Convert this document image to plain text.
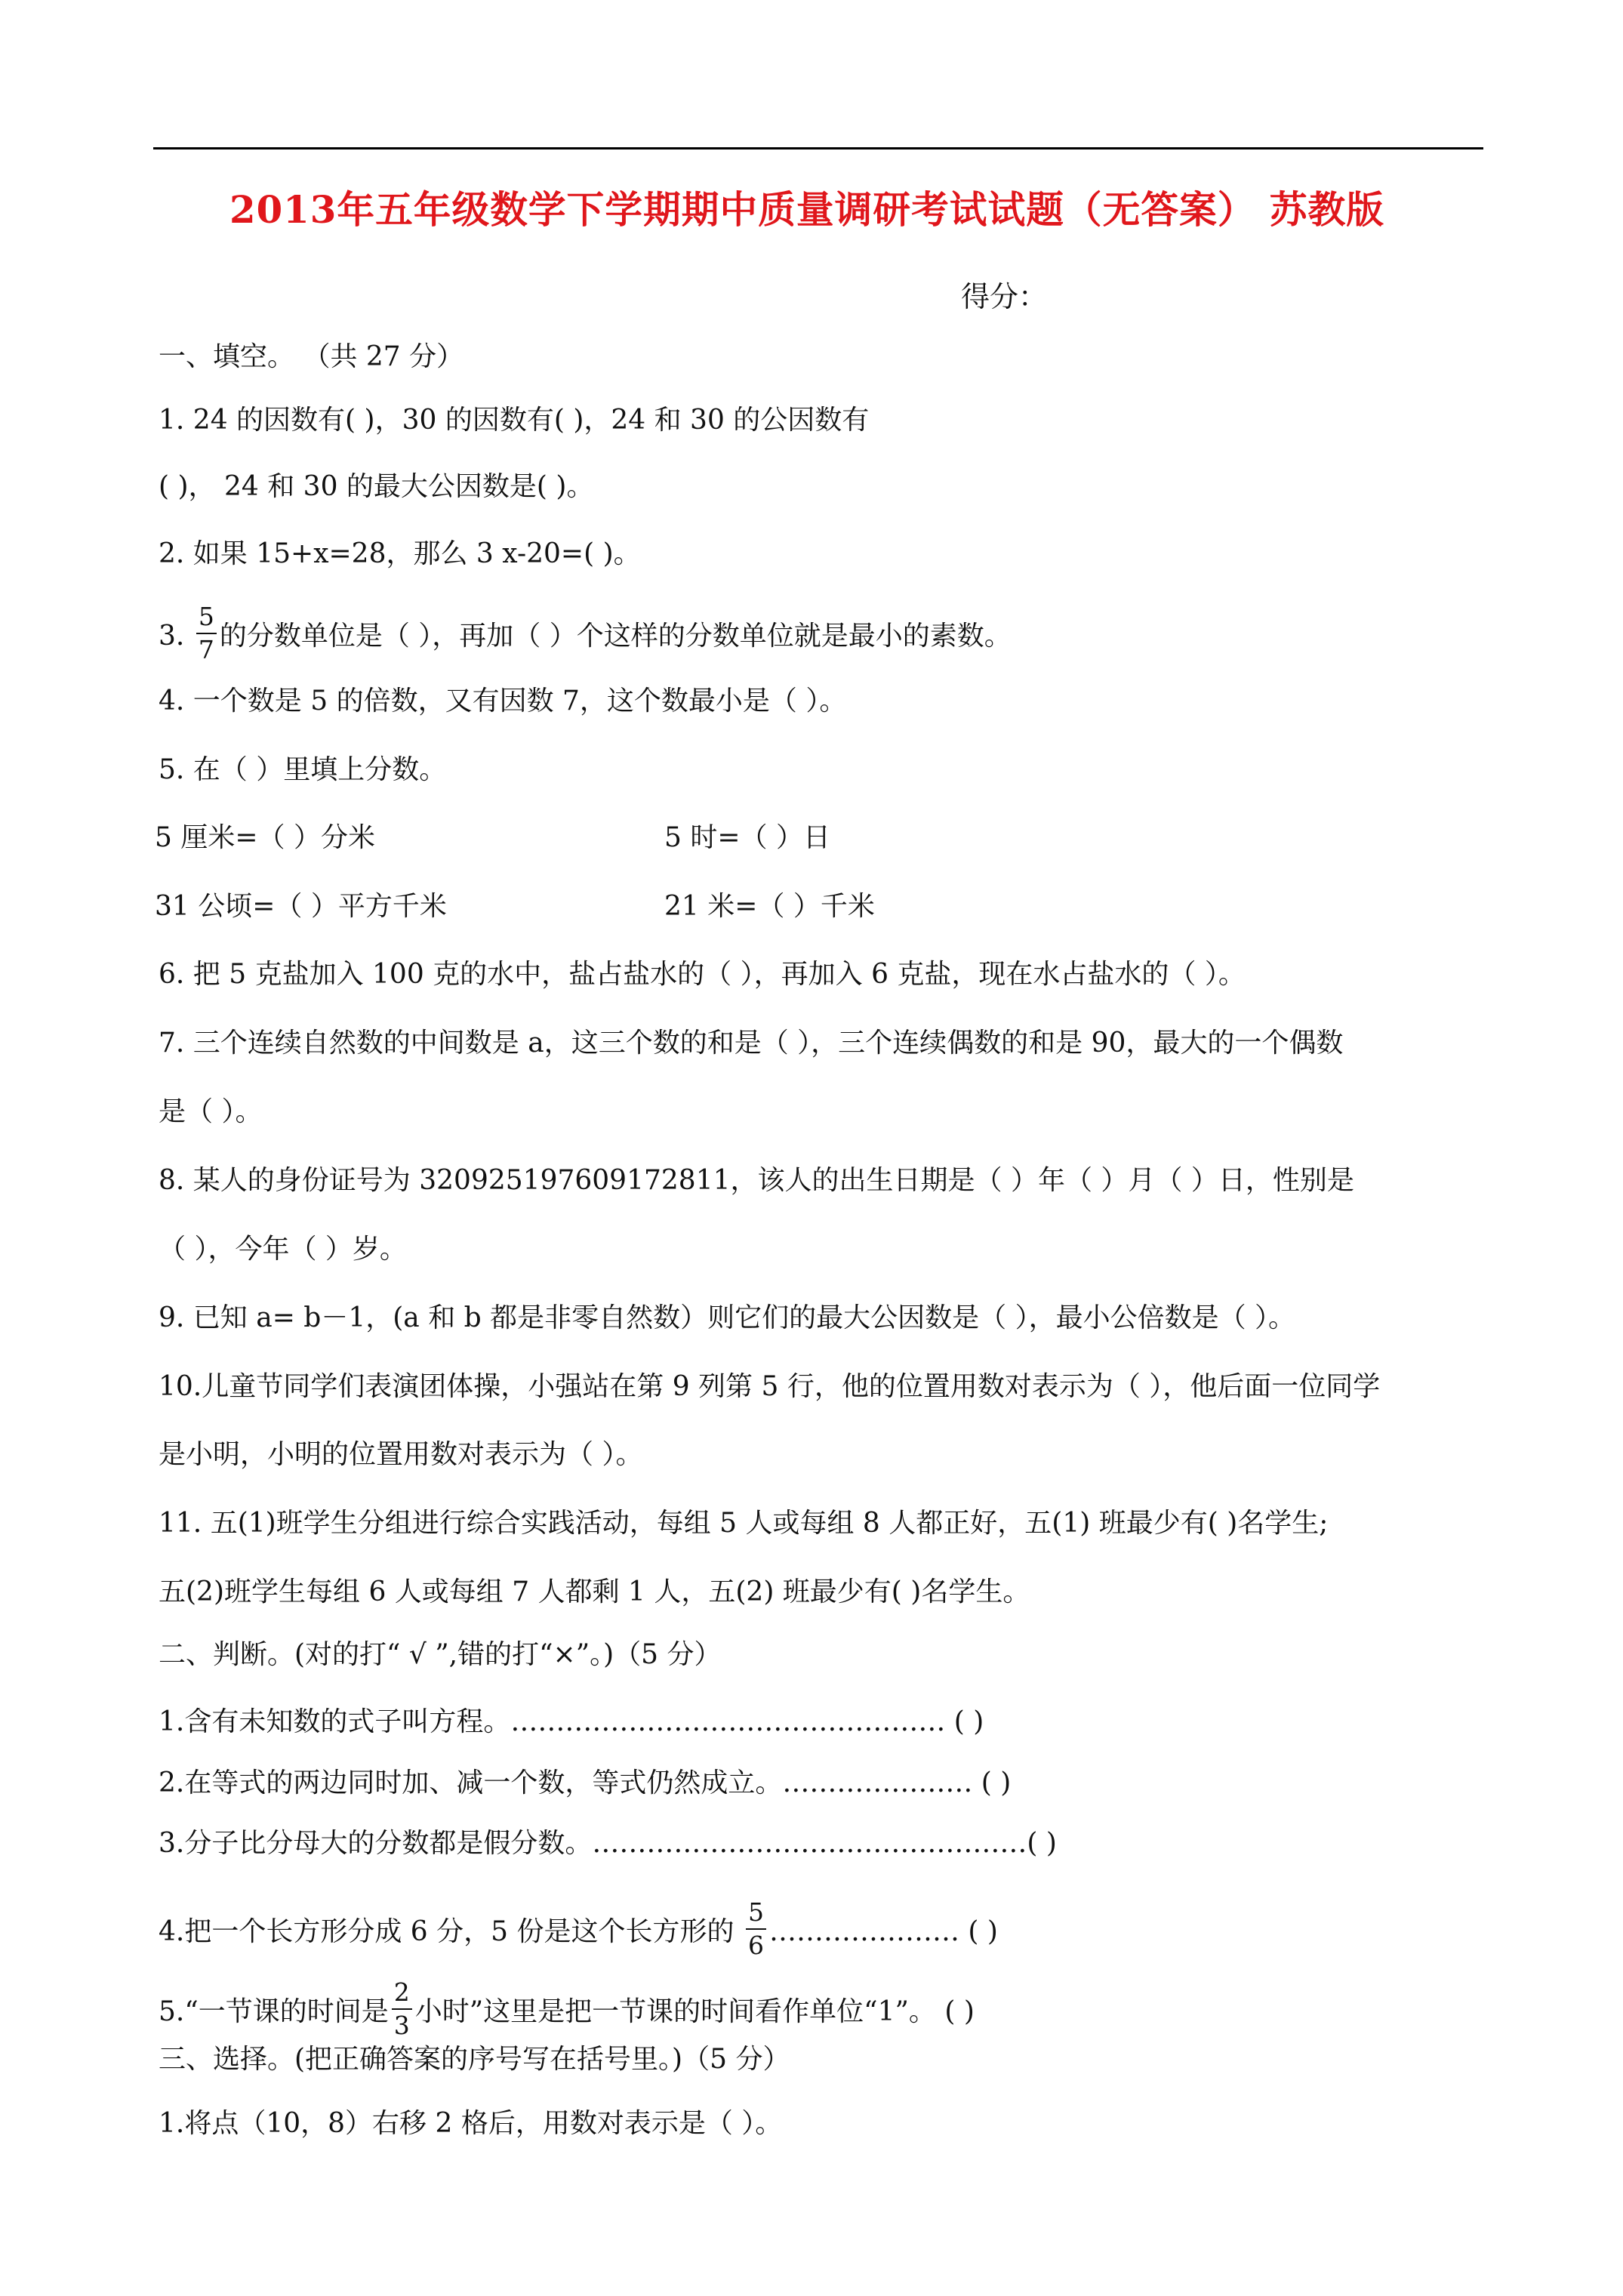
2013年五年级数学下学期期中质量调研考试试题（无答案） 苏教版
得分：
一、填空。 （共 27 分）
1. 24 的因数有( )，30 的因数有( )，24 和 30 的公因数有
( )， 24 和 30 的最大公因数是( )。
2. 如果 15+x=28，那么 3 x-20=( )。
3. $\frac{5}{7}$ 的分数单位是（ ），再加（ ）个这样的分数单位就是最小的素数。
4. 一个数是 5 的倍数，又有因数 7，这个数最小是（ ）。
5. 在（ ）里填上分数。
5 厘米=（ ）分米	5 时=（ ）日
31 公顷=（ ）平方千米	21 米=（ ）千米
6. 把 5 克盐加入 100 克的水中，盐占盐水的（ ），再加入 6 克盐，现在水占盐水的（ ）。
7. 三个连续自然数的中间数是 a，这三个数的和是（ ），三个连续偶数的和是 90，最大的一个偶数
是（ ）。
8. 某人的身份证号为 320925197609172811，该人的出生日期是（ ）年（ ）月（ ）日，性别是
（ ），今年（ ）岁。
9. 已知 a= b－1，(a 和 b 都是非零自然数）则它们的最大公因数是（ ），最小公倍数是（ ）。
10.儿童节同学们表演团体操，小强站在第 9 列第 5 行，他的位置用数对表示为（ ），他后面一位同学
是小明，小明的位置用数对表示为（ ）。
11. 五(1)班学生分组进行综合实践活动，每组 5 人或每组 8 人都正好，五(1) 班最少有( )名学生;
五(2)班学生每组 6 人或每组 7 人都剩 1 人，五(2) 班最少有( )名学生。
二、判断。(对的打“ √ ”,错的打“×”。)（5 分）
1.含有未知数的式子叫方程。………………………………………… ( )
2.在等式的两边同时加、减一个数，等式仍然成立。………………… ( )
3.分子比分母大的分数都是假分数。…………………………………………( )
4.把一个长方形分成 6 分，5 份是这个长方形的 $\frac{5}{6}$ ………………… ( )
5.“一节课的时间是 $\frac{2}{3}$ 小时”这里是把一节课的时间看作单位“1”。 ( )
三、选择。(把正确答案的序号写在括号里。)（5 分）
1.将点（10，8）右移 2 格后，用数对表示是（ ）。
